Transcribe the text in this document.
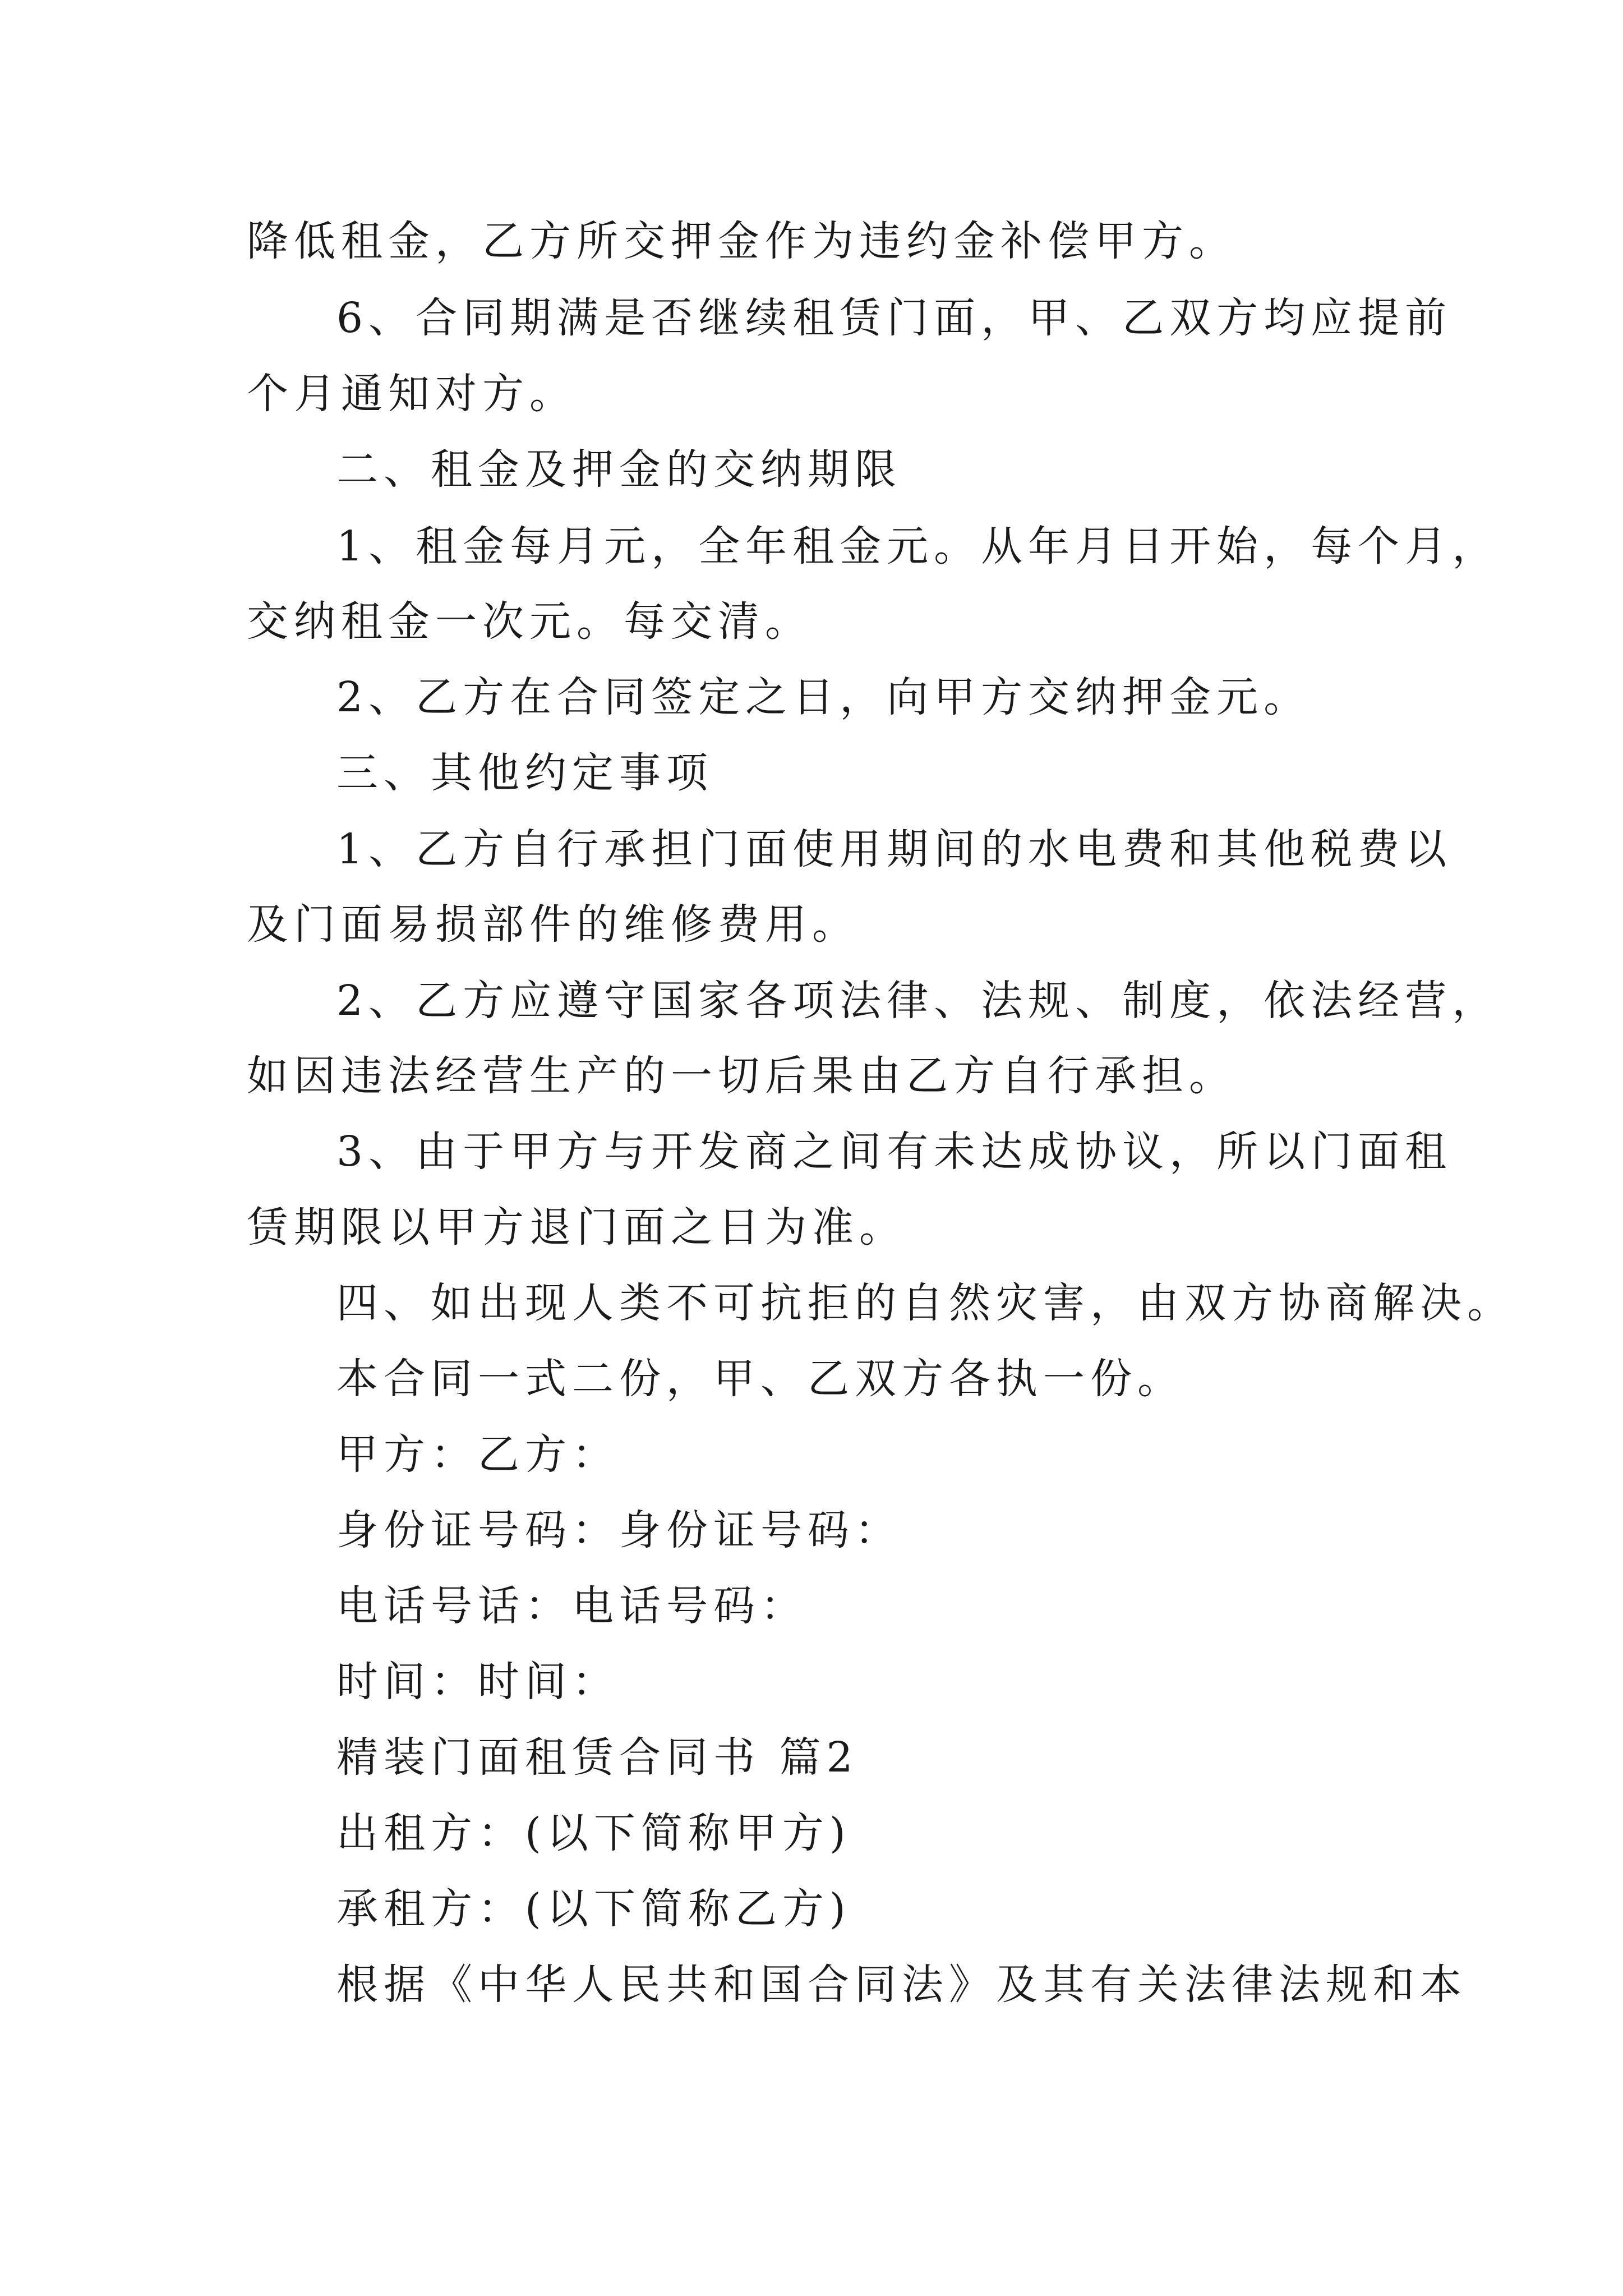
降低租金，乙方所交押金作为违约金补偿甲方。
6、合同期满是否继续租赁门面，甲、乙双方均应提前
个月通知对方。
二、租金及押金的交纳期限
1、租金每月元，全年租金元。从年月日开始，每个月，
交纳租金一次元。每交清。
2、乙方在合同签定之日，向甲方交纳押金元。
三、其他约定事项
1、乙方自行承担门面使用期间的水电费和其他税费以
及门面易损部件的维修费用。
2、乙方应遵守国家各项法律、法规、制度，依法经营，
如因违法经营生产的一切后果由乙方自行承担。
3、由于甲方与开发商之间有未达成协议，所以门面租
赁期限以甲方退门面之日为准。
四、如出现人类不可抗拒的自然灾害，由双方协商解决。
本合同一式二份，甲、乙双方各执一份。
甲方：乙方：
身份证号码：身份证号码：
电话号话：电话号码：
时间：时间：
精装门面租赁合同书 篇2
出租方：(以下简称甲方)
承租方：(以下简称乙方)
根据《中华人民共和国合同法》及其有关法律法规和本
